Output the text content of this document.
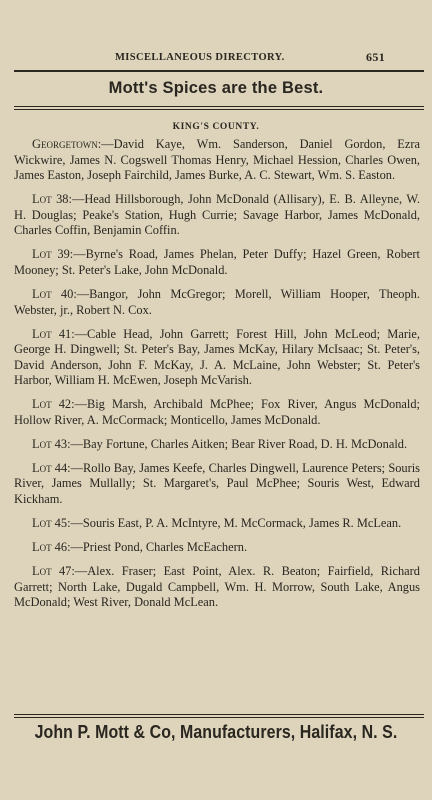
MISCELLANEOUS DIRECTORY.	651
Mott's Spices are the Best.
KING'S COUNTY.

Georgetown:—David Kaye, Wm. Sanderson, Daniel Gordon, Ezra Wickwire, James N. Cogswell Thomas Henry, Michael Hession, Charles Owen, James Easton, Joseph Fairchild, James Burke, A. C. Stewart, Wm. S. Easton.

Lot 38:—Head Hillsborough, John McDonald (Allisary), E. B. Alleyne, W. H. Douglas; Peake's Station, Hugh Currie; Savage Harbor, James McDonald, Charles Coffin, Benjamin Coffin.

Lot 39:—Byrne's Road, James Phelan, Peter Duffy; Hazel Green, Robert Mooney; St. Peter's Lake, John McDonald.

Lot 40:—Bangor, John McGregor; Morell, William Hooper, Theoph. Webster, jr., Robert N. Cox.

Lot 41:—Cable Head, John Garrett; Forest Hill, John McLeod; Marie, George H. Dingwell; St. Peter's Bay, James McKay, Hilary McIsaac; St. Peter's, David Anderson, John F. McKay, J. A. McLaine, John Webster; St. Peter's Harbor, William H. McEwen, Joseph McVarish.

Lot 42:—Big Marsh, Archibald McPhee; Fox River, Angus McDonald; Hollow River, A. McCormack; Monticello, James McDonald.

Lot 43:—Bay Fortune, Charles Aitken; Bear River Road, D. H. McDonald.

Lot 44:—Rollo Bay, James Keefe, Charles Dingwell, Laurence Peters; Souris River, James Mullally; St. Margaret's, Paul McPhee; Souris West, Edward Kickham.

Lot 45:—Souris East, P. A. McIntyre, M. McCormack, James R. McLean.

Lot 46:—Priest Pond, Charles McEachern.

Lot 47:—Alex. Fraser; East Point, Alex. R. Beaton; Fairfield, Richard Garrett; North Lake, Dugald Campbell, Wm. H. Morrow, South Lake, Angus McDonald; West River, Donald McLean.

John P. Mott & Co, Manufacturers, Halifax, N. S.
